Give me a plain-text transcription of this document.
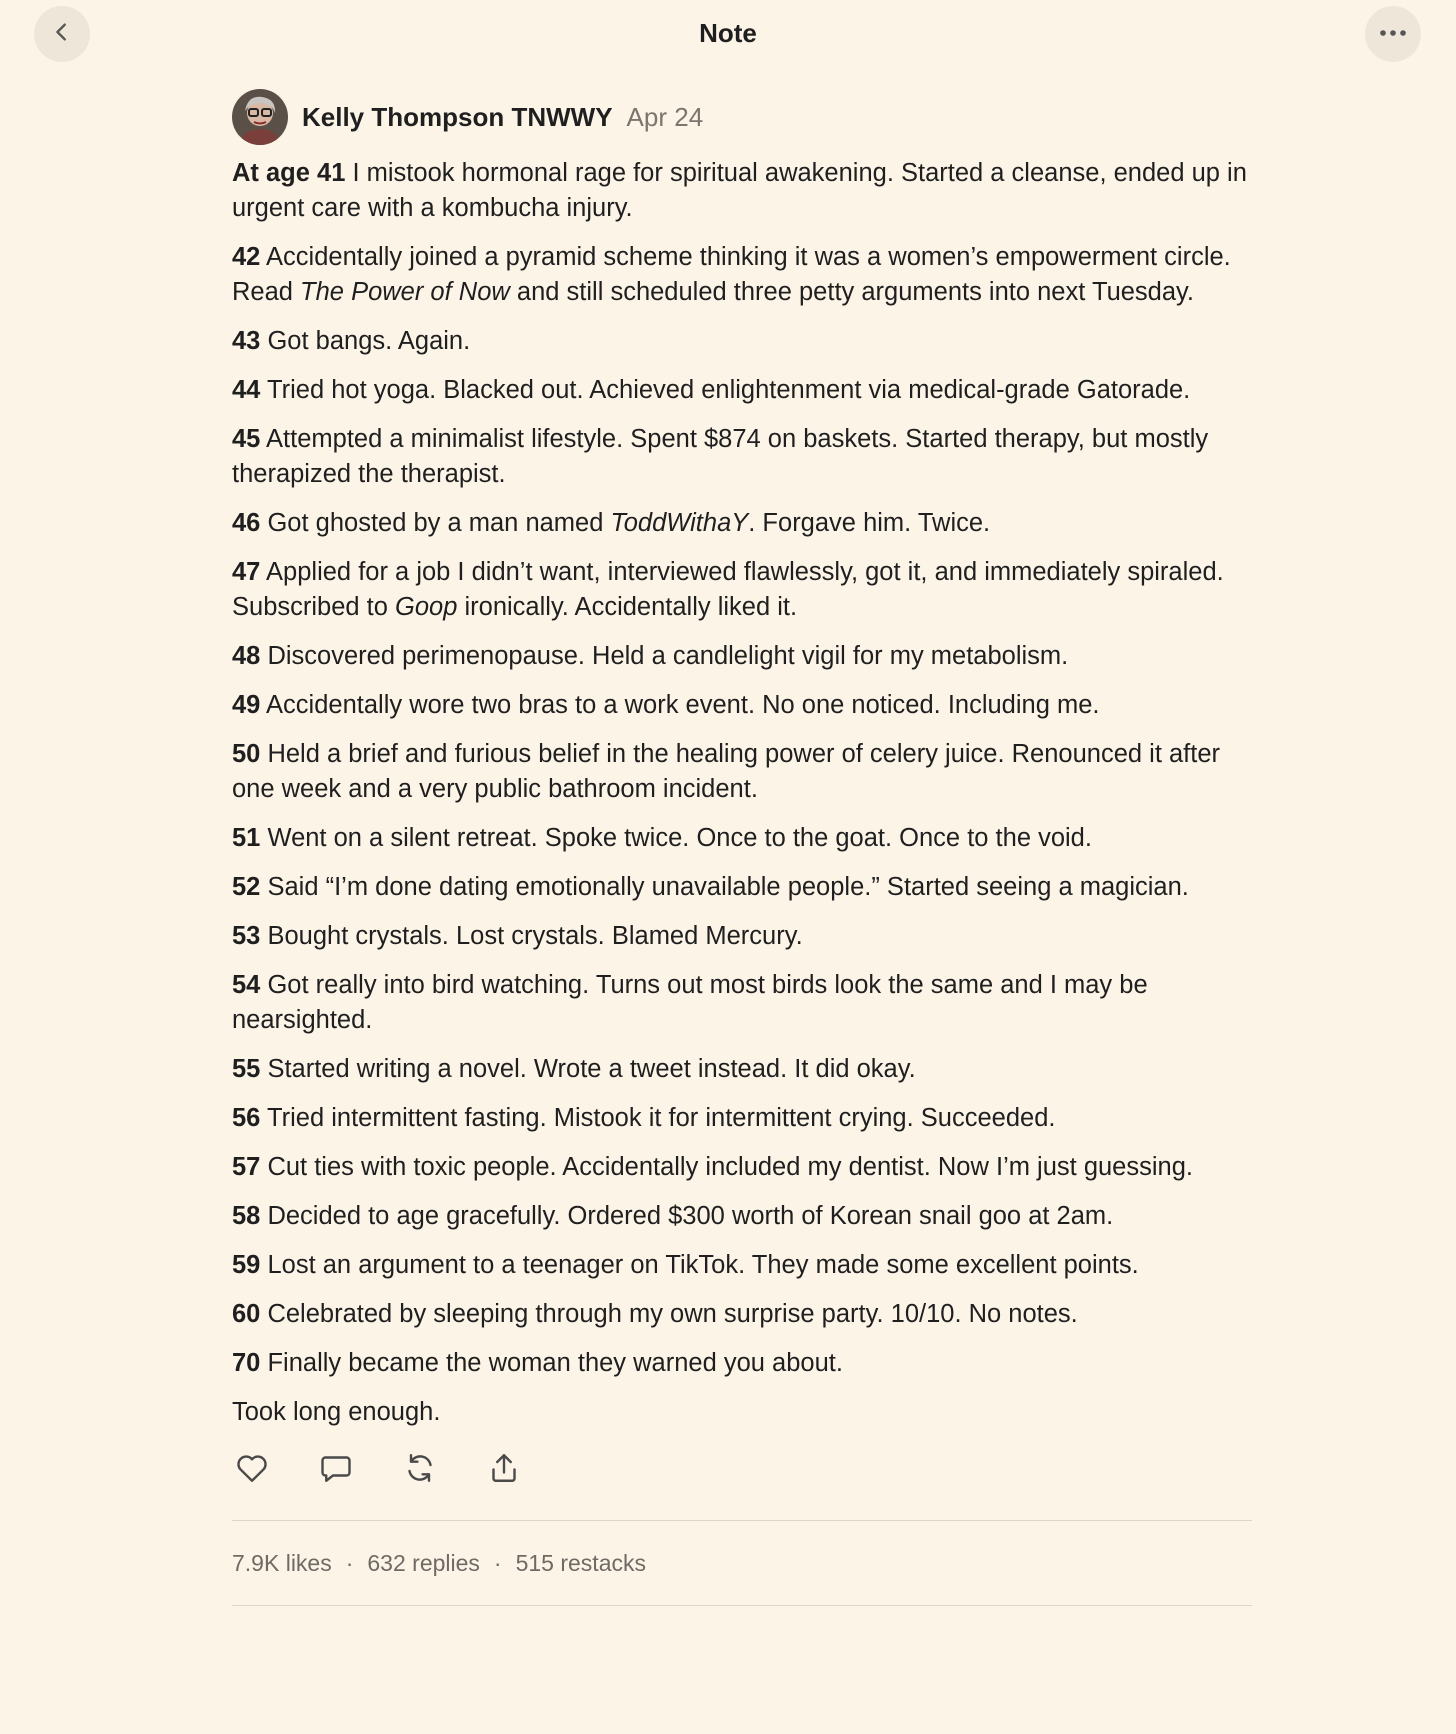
Note
Kelly Thompson TNWWY Apr 24

At age 41 I mistook hormonal rage for spiritual awakening. Started a cleanse, ended up in urgent care with a kombucha injury.

42 Accidentally joined a pyramid scheme thinking it was a women’s empowerment circle. Read The Power of Now and still scheduled three petty arguments into next Tuesday.

43 Got bangs. Again.

44 Tried hot yoga. Blacked out. Achieved enlightenment via medical-grade Gatorade.

45 Attempted a minimalist lifestyle. Spent $874 on baskets. Started therapy, but mostly therapized the therapist.

46 Got ghosted by a man named ToddWithaY. Forgave him. Twice.

47 Applied for a job I didn’t want, interviewed flawlessly, got it, and immediately spiraled. Subscribed to Goop ironically. Accidentally liked it.

48 Discovered perimenopause. Held a candlelight vigil for my metabolism.

49 Accidentally wore two bras to a work event. No one noticed. Including me.

50 Held a brief and furious belief in the healing power of celery juice. Renounced it after one week and a very public bathroom incident.

51 Went on a silent retreat. Spoke twice. Once to the goat. Once to the void.

52 Said “I’m done dating emotionally unavailable people.” Started seeing a magician.

53 Bought crystals. Lost crystals. Blamed Mercury.

54 Got really into bird watching. Turns out most birds look the same and I may be nearsighted.

55 Started writing a novel. Wrote a tweet instead. It did okay.

56 Tried intermittent fasting. Mistook it for intermittent crying. Succeeded.

57 Cut ties with toxic people. Accidentally included my dentist. Now I’m just guessing.

58 Decided to age gracefully. Ordered $300 worth of Korean snail goo at 2am.

59 Lost an argument to a teenager on TikTok. They made some excellent points.

60 Celebrated by sleeping through my own surprise party. 10/10. No notes.

70 Finally became the woman they warned you about.

Took long enough.

7.9K likes · 632 replies · 515 restacks
